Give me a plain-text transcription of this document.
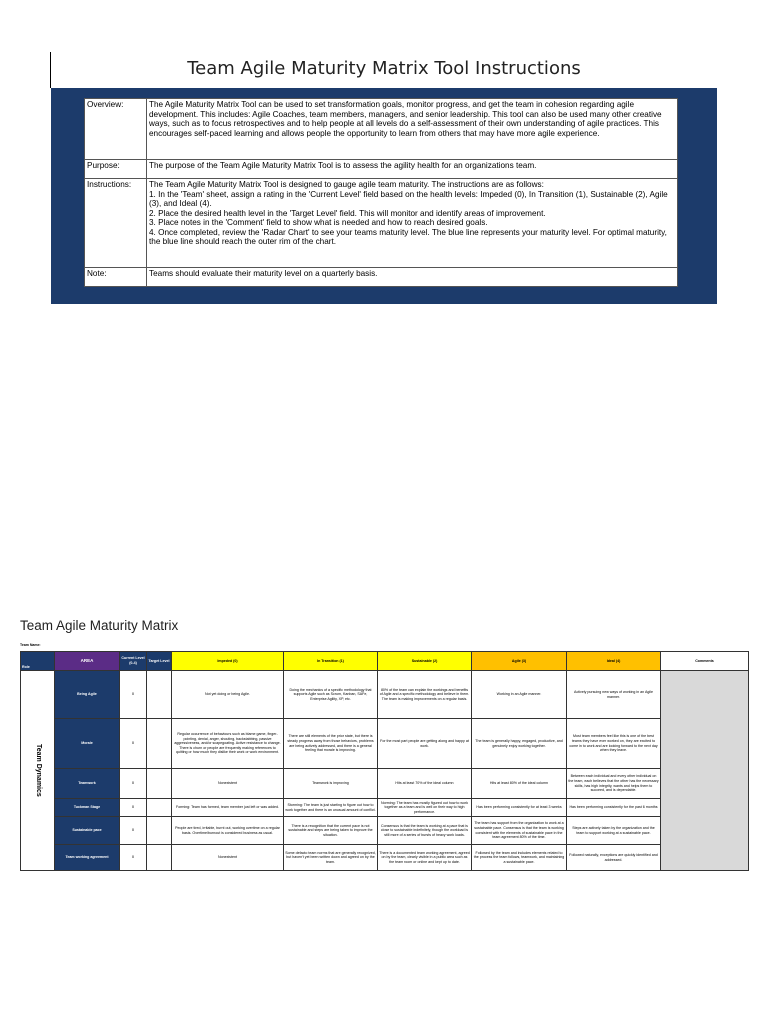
Team Agile Maturity Matrix Tool Instructions
Overview:	The Agile Maturity Matrix Tool can be used to set transformation goals, monitor progress, and get the team in cohesion regarding agile development. This includes: Agile Coaches, team members, managers, and senior leadership. This tool can also be used many other creative ways, such as to focus retrospectives and to help people at all levels do a self-assessment of their own understanding of agile practices. This encourages self-paced learning and allows people the opportunity to learn from others that may have more agile experience.
Purpose:	The purpose of the Team Agile Maturity Matrix Tool is to assess the agility health for an organizations team.
Instructions:	The Team Agile Maturity Matrix Tool is designed to gauge agile team maturity. The instructions are as follows:
1. In the 'Team' sheet, assign a rating in the 'Current Level' field based on the health levels: Impeded (0), In Transition (1), Sustainable (2), Agile (3), and Ideal (4).
2. Place the desired health level in the 'Target Level' field. This will monitor and identify areas of improvement.
3. Place notes in the 'Comment' field to show what is needed and how to reach desired goals.
4. Once completed, review the 'Radar Chart' to see your teams maturity level. The blue line represents your maturity level. For optimal maturity, the blue line should reach the outer rim of the chart.

Note:	Teams should evaluate their maturity level on a quarterly basis.
Team Agile Maturity Matrix
Team Name:
Role	AREA	Current Level (0-4)	Target Level	Impeded (0)	In Transition (1)	Sustainable (2)	Agile (3)	Ideal (4)	Comments
Team Dynamics	Being Agile	0		Not yet doing or being Agile.	Doing the mechanics of a specific methodology that supports Agile such as Scrum, Kanban, SAFe, Enterprise Agility, XP, etc.	80% of the team can explain the workings and benefits of Agile and a specific methodology and believe in them. The team is making improvements on a regular basis.	Working in an Agile manner.	Actively pursuing new ways of working in an Agile manner.	
	Morale	0		Regular occurrence of behaviours such as blame game, finger-pointing, denial, anger, shouting, backstabbing, passive aggressiveness, and/or scapegoating. Active resistance to change. There is churn or people are frequently making references to quitting or how much they dislike their work or work environment.	There are still elements of the prior state, but there is steady progress away from those behaviors, problems are being actively addressed, and there is a general feeling that morale is improving.	For the most part people are getting along and happy at work.	The team is generally happy, engaged, productive, and genuinely enjoy working together.	Most team members feel like this is one of the best teams they have ever worked on, they are excited to come in to work and are looking forward to the next day when they leave.	
	Teamwork	0		Nonexistent	Teamwork is improving	Hits at least 70% of the ideal column	Hits at least 80% of the ideal column	Between each individual and every other individual on the team, each believes that the other has the necessary skills, has high integrity, wants and helps them to succeed, and is dependable.	
	Tuckman Stage	0		Forming: Team has formed, team member just left or was added.	Storming: The team is just starting to figure out how to work together and there is an unusual amount of conflict.	Norming: The team has mostly figured out how to work together as a team and is well on their way to high performance.	Has been performing consistently for at least 3 weeks	Has been performing consistently for the past 6 months	
	Sustainable pace	0		People are tired, irritable, burnt out, working overtime on a regular basis. Overtime/burnout is considered business as usual.	There is a recognition that the current pace is not sustainable and steps are being taken to improve the situation.	Consensus is that the team is working at a pace that is close to sustainable indefinitely, though the workload is still more of a series of bursts of heavy work loads.	The team has support from the organization to work at a sustainable pace. Consensus is that the team is working consistent with the elements of sustainable pace in the team agreement 80% of the time.	Steps are actively taken by the organization and the team to support working at a sustainable pace.	
	Team working agreement	0		Nonexistent	Some defacto team norms that are generally recognized, but haven't yet been written down and agreed on by the team.	There is a documented team working agreement, agreed on by the team, clearly visible in a public area such as the team room or online and kept up to date.	Followed by the team and includes elements related to the process the team follows, teamwork, and maintaining a sustainable pace.	Followed naturally, exceptions are quickly identified and addressed.	
